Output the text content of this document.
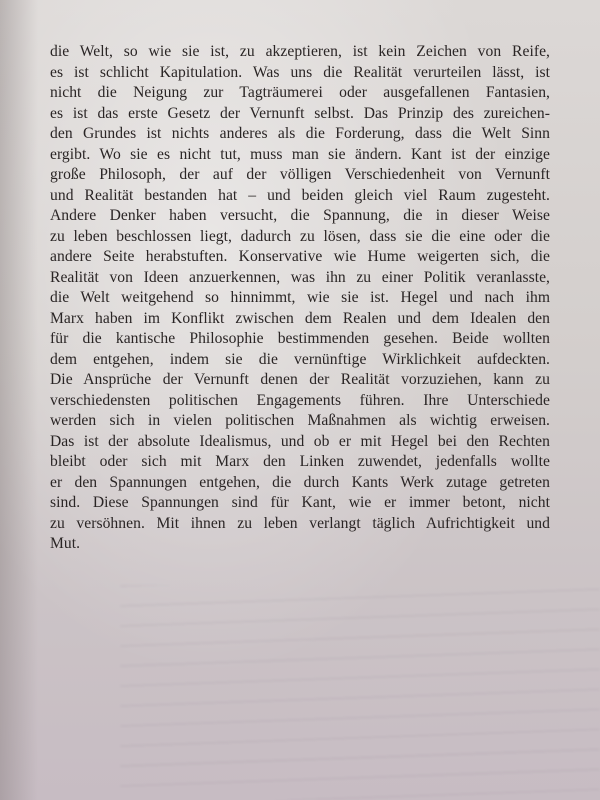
die Welt, so wie sie ist, zu akzeptieren, ist kein Zeichen von Reife,
es ist schlicht Kapitulation. Was uns die Realität verurteilen lässt, ist
nicht die Neigung zur Tagträumerei oder ausgefallenen Fantasien,
es ist das erste Gesetz der Vernunft selbst. Das Prinzip des zureichen-
den Grundes ist nichts anderes als die Forderung, dass die Welt Sinn
ergibt. Wo sie es nicht tut, muss man sie ändern. Kant ist der einzige
große Philosoph, der auf der völligen Verschiedenheit von Vernunft
und Realität bestanden hat – und beiden gleich viel Raum zugesteht.
Andere Denker haben versucht, die Spannung, die in dieser Weise
zu leben beschlossen liegt, dadurch zu lösen, dass sie die eine oder die
andere Seite herabstuften. Konservative wie Hume weigerten sich, die
Realität von Ideen anzuerkennen, was ihn zu einer Politik veranlasste,
die Welt weitgehend so hinnimmt, wie sie ist. Hegel und nach ihm
Marx haben im Konflikt zwischen dem Realen und dem Idealen den
für die kantische Philosophie bestimmenden gesehen. Beide wollten
dem entgehen, indem sie die vernünftige Wirklichkeit aufdeckten.
Die Ansprüche der Vernunft denen der Realität vorzuziehen, kann zu
verschiedensten politischen Engagements führen. Ihre Unterschiede
werden sich in vielen politischen Maßnahmen als wichtig erweisen.
Das ist der absolute Idealismus, und ob er mit Hegel bei den Rechten
bleibt oder sich mit Marx den Linken zuwendet, jedenfalls wollte
er den Spannungen entgehen, die durch Kants Werk zutage getreten
sind. Diese Spannungen sind für Kant, wie er immer betont, nicht
zu versöhnen. Mit ihnen zu leben verlangt täglich Aufrichtigkeit und
Mut.
